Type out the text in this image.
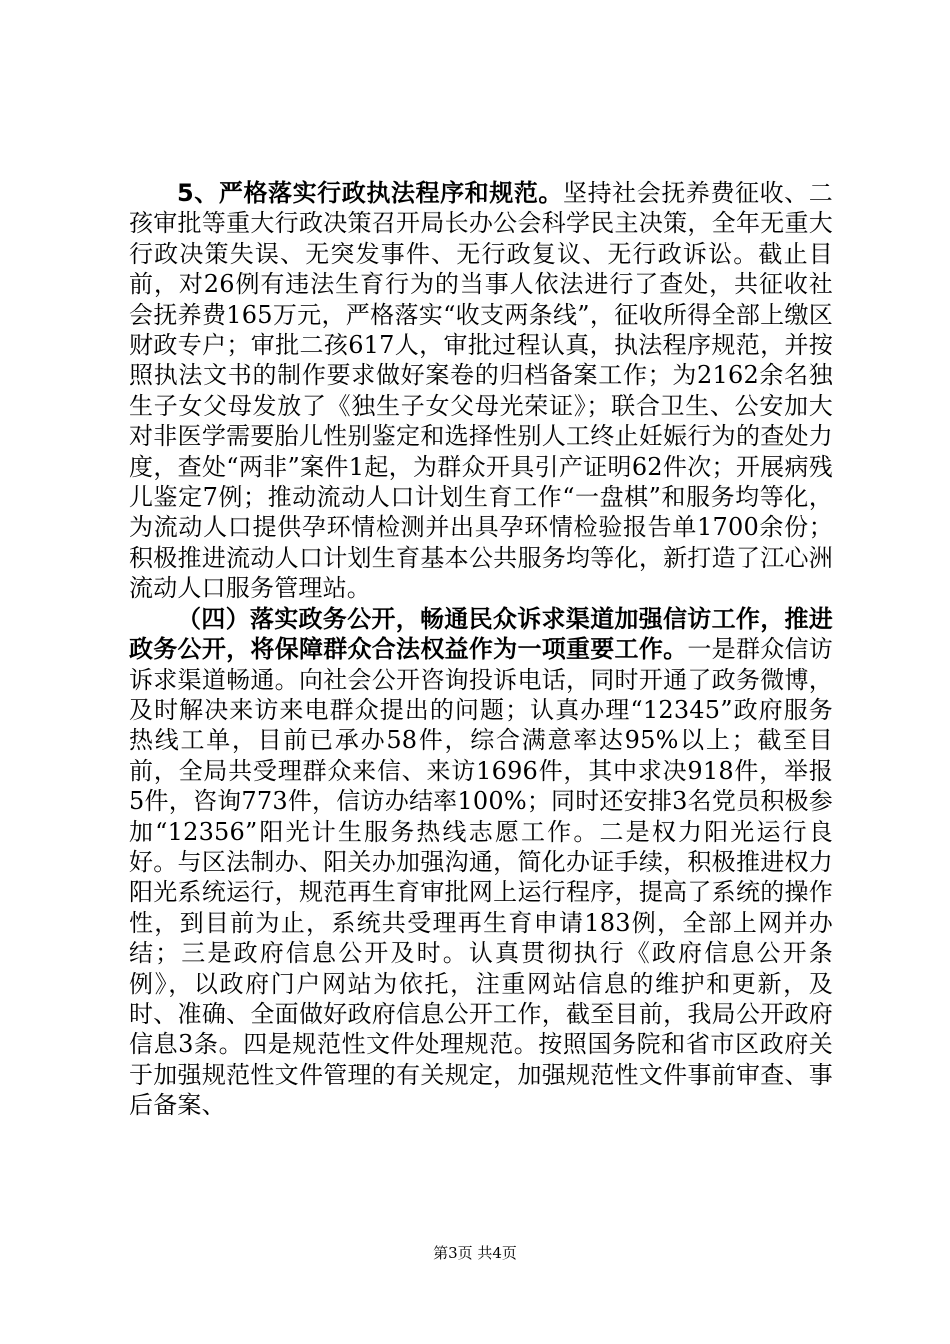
5、严格落实行政执法程序和规范。坚持社会抚养费征收、二孩审批等重大行政决策召开局长办公会科学民主决策，全年无重大行政决策失误、无突发事件、无行政复议、无行政诉讼。截止目前，对26例有违法生育行为的当事人依法进行了查处，共征收社会抚养费165万元，严格落实“收支两条线”，征收所得全部上缴区财政专户；审批二孩617人，审批过程认真，执法程序规范，并按照执法文书的制作要求做好案卷的归档备案工作；为2162余名独生子女父母发放了《独生子女父母光荣证》；联合卫生、公安加大对非医学需要胎儿性别鉴定和选择性别人工终止妊娠行为的查处力度，查处“两非”案件1起，为群众开具引产证明62件次；开展病残儿鉴定7例；推动流动人口计划生育工作“一盘棋”和服务均等化，为流动人口提供孕环情检测并出具孕环情检验报告单1700余份；积极推进流动人口计划生育基本公共服务均等化，新打造了江心洲流动人口服务管理站。

（四）落实政务公开，畅通民众诉求渠道加强信访工作，推进政务公开，将保障群众合法权益作为一项重要工作。一是群众信访诉求渠道畅通。向社会公开咨询投诉电话，同时开通了政务微博，及时解决来访来电群众提出的问题；认真办理“12345”政府服务热线工单，目前已承办58件，综合满意率达95%以上；截至目前，全局共受理群众来信、来访1696件，其中求决918件，举报5件，咨询773件，信访办结率100%；同时还安排3名党员积极参加“12356”阳光计生服务热线志愿工作。二是权力阳光运行良好。与区法制办、阳关办加强沟通，简化办证手续，积极推进权力阳光系统运行，规范再生育审批网上运行程序，提高了系统的操作性，到目前为止，系统共受理再生育申请183例，全部上网并办结；三是政府信息公开及时。认真贯彻执行《政府信息公开条例》，以政府门户网站为依托，注重网站信息的维护和更新，及时、准确、全面做好政府信息公开工作，截至目前，我局公开政府信息3条。四是规范性文件处理规范。按照国务院和省市区政府关于加强规范性文件管理的有关规定，加强规范性文件事前审查、事后备案、

第3页 共4页
